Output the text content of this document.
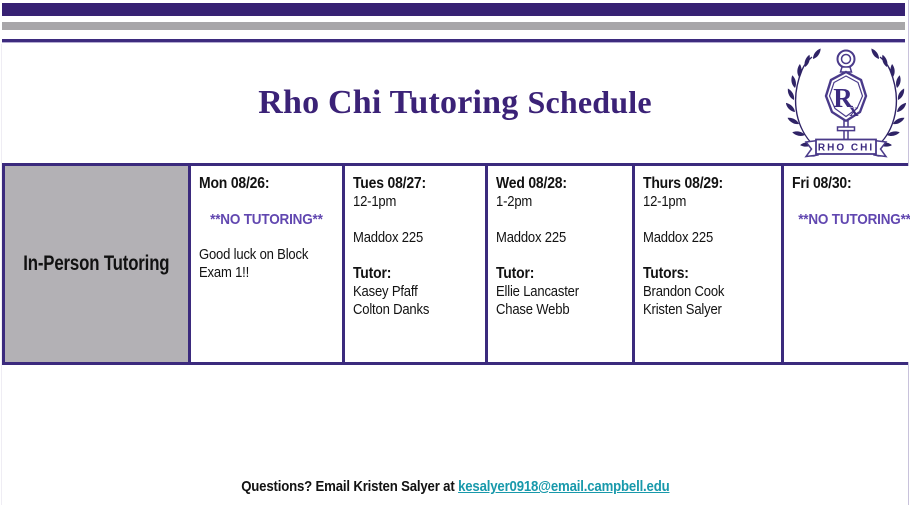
Rho Chi Tutoring Schedule	R
x
RHO CHI
In-Person Tutoring
Mon 08/26:
**NO TUTORING**
Good luck on Block Exam 1!!
Tues 08/27:
12-1pm
Maddox 225
Tutor:
Kasey Pfaff
Colton Danks
Wed 08/28:
1-2pm
Maddox 225
Tutor:
Ellie Lancaster
Chase Webb
Thurs 08/29:
12-1pm
Maddox 225
Tutors:
Brandon Cook
Kristen Salyer
Fri 08/30:
**NO TUTORING**
Questions? Email Kristen Salyer at kesalyer0918@email.campbell.edu
